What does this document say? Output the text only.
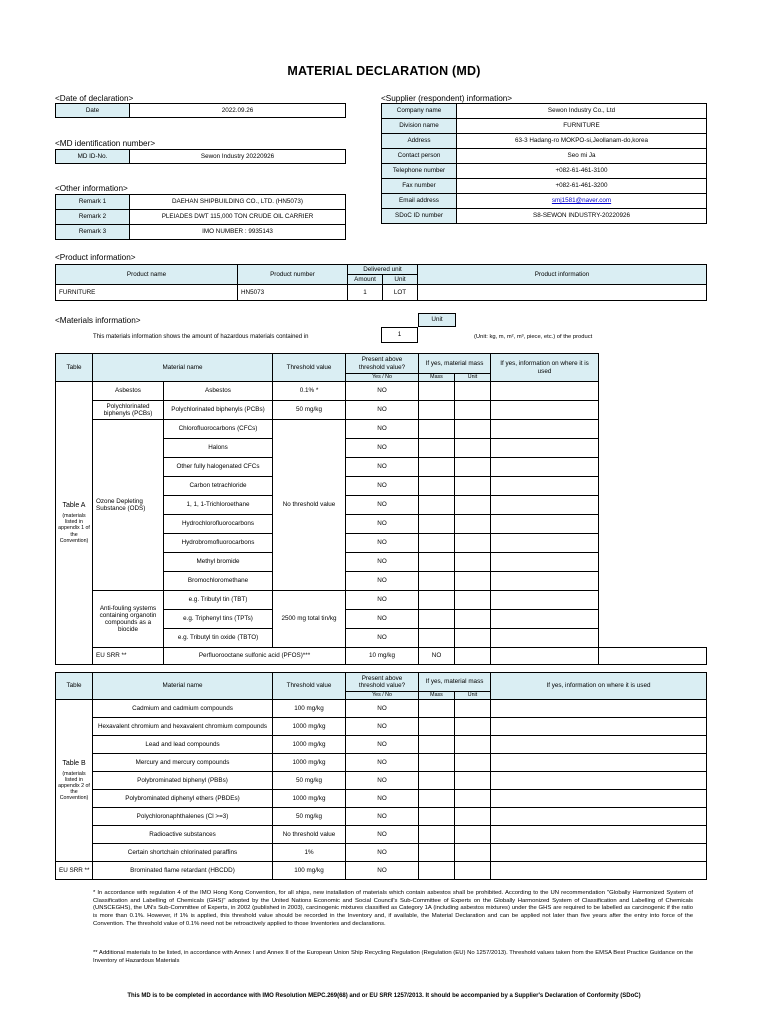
MATERIAL DECLARATION (MD)
<Date of declaration>
Date	2022.09.26
<MD identification number>
MD ID-No.	Sewon Industry 20220926
<Other information>
Remark 1	DAEHAN SHIPBUILDING CO., LTD. (HN5073)
Remark 2	PLEIADES DWT 115,000 TON CRUDE OIL CARRIER
Remark 3	IMO NUMBER : 9935143
<Supplier (respondent) information>
Company name	Sewon Industry Co., Ltd
Division name	FURNITURE
Address	63-3 Hadang-ro MOKPO-si,Jeollanam-do,korea
Contact person	Seo mi Ja
Telephone number	+082-61-461-3100
Fax number	+082-61-461-3200
Email address	smj1581@naver.com
SDoC ID number	S8-SEWON INDUSTRY-20220926
<Product information>
Product name	Product number	Delivered unit		Product information
		Amount	Unit	
FURNITURE	HN5073	1	LOT	
<Materials information>	Unit
This materials information shows the amount of hazardous materials contained in	1	(Unit: kg, m, m², m³, piece, etc.) of the product
Table	Material name		Threshold value	Present above threshold value?	If yes, material mass		If yes, information on where it is used	
				Yes / No	Mass	Unit		

Table A
(materials listed in appendix 1 of the Convention)	Asbestos	Asbestos	0.1% *	NO				
	Polychlorinated biphenyls (PCBs)	Polychlorinated biphenyls (PCBs)	50 mg/kg	NO				
	Ozone Depleting Substance (ODS)	Chlorofluorocarbons (CFCs)	No threshold value	NO				
		Halons		NO				
		Other fully halogenated CFCs		NO				
		Carbon tetrachloride		NO				
		1, 1, 1-Trichloroethane		NO				
		Hydrochlorofluorocarbons		NO				
		Hydrobromofluorocarbons		NO				
		Methyl bromide		NO				
		Bromochloromethane		NO				
	Anti-fouling systems containing organotin compounds as a biocide	e.g. Tributyl tin (TBT)	2500 mg total tin/kg	NO				
		e.g. Triphenyl tins (TPTs)		NO				
		e.g. Tributyl tin oxide (TBTO)		NO				
	EU SRR **	Perfluorooctane sulfonic acid (PFOS)***		10 mg/kg	NO			
Table	Material name	Threshold value	Present above threshold value?	If yes, material mass		If yes, information on where it is used
			Yes / No	Mass	Unit	

Table B
(materials listed in appendix 2 of the Convention)	Cadmium and cadmium compounds	100 mg/kg	NO			
	Hexavalent chromium and hexavalent chromium compounds	1000 mg/kg	NO			
	Lead and lead compounds	1000 mg/kg	NO			
	Mercury and mercury compounds	1000 mg/kg	NO			
	Polybrominated biphenyl (PBBs)	50 mg/kg	NO			
	Polybrominated diphenyl ethers (PBDEs)	1000 mg/kg	NO			
	Polychloronaphthalenes (Cl >=3)	50 mg/kg	NO			
	Radioactive substances	No threshold value	NO			
	Certain shortchain chlorinated paraffins	1%	NO			
EU SRR **	Brominated flame retardant (HBCDD)	100 mg/kg	NO			
* In accordance with regulation 4 of the IMO Hong Kong Convention, for all ships, new installation of materials which contain asbestos shall be prohibited. According to the UN recommendation "Globally Harmonized System of Classification and Labelling of Chemicals (GHS)" adopted by the United Nations Economic and Social Council's Sub-Committee of Experts on the Globally Harmonized System of Classification and Labelling of Chemicals (UNSCEGHS), the UN's Sub-Committee of Experts, in 2002 (published in 2003), carcinogenic mixtures classified as Category 1A (including asbestos mixtures) under the GHS are required to be labelled as carcinogenic if the ratio is more than 0.1%. However, if 1% is applied, this threshold value should be recorded in the Inventory and, if available, the Material Declaration and can be applied not later than five years after the entry into force of the Convention. The threshold value of 0.1% need not be retroactively applied to those Inventories and declarations.
** Additional materials to be listed, in accordance with Annex I and Annex II of the European Union Ship Recycling Regulation (Regulation (EU) No 1257/2013). Threshold values taken from the EMSA Best Practice Guidance on the Inventory of Hazardous Materials
This MD is to be completed in accordance with IMO Resolution MEPC.269(68) and or EU SRR 1257/2013. It should be accompanied by a Supplier's Declaration of Conformity (SDoC)
